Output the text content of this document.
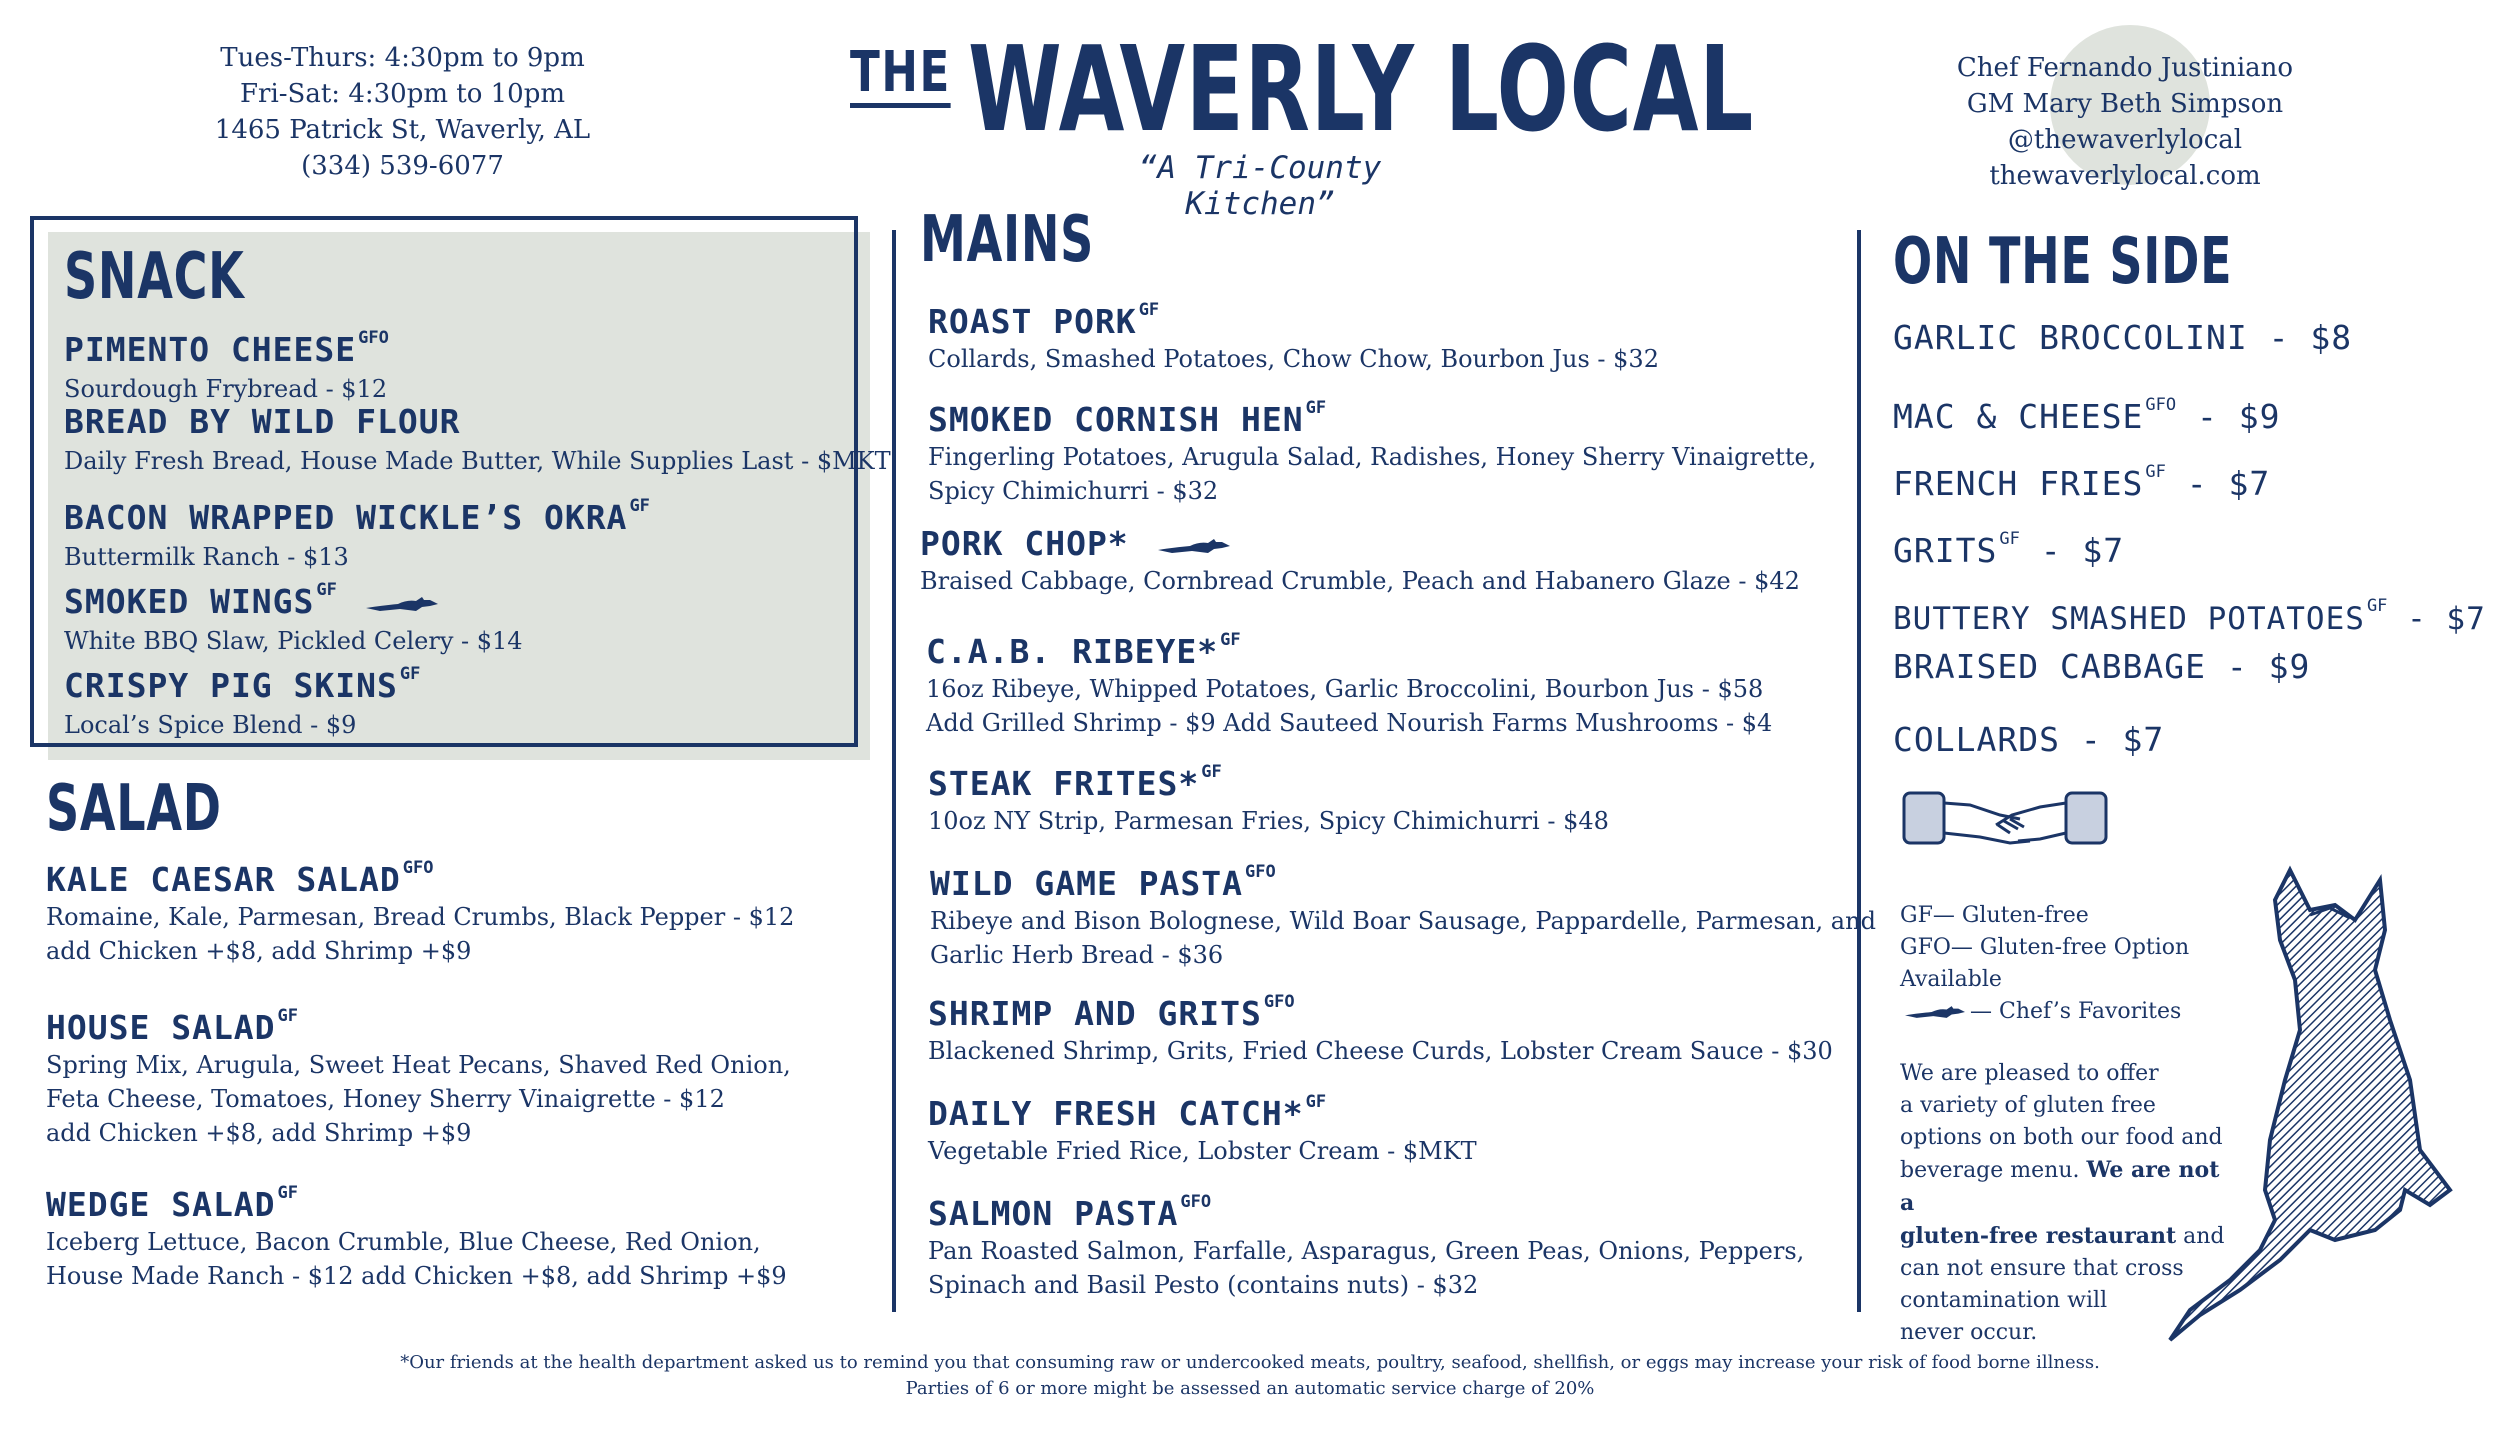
Tues-Thurs: 4:30pm to 9pm
Fri-Sat: 4:30pm to 10pm
1465 Patrick St, Waverly, AL
(334) 539-6077
THE WAVERLY LOCAL
“A Tri-County Kitchen”
Chef Fernando Justiniano
GM Mary Beth Simpson
@thewaverlylocal
thewaverlylocal.com
SNACK
PIMENTO CHEESE $^{GFO}$
Sourdough Frybread - $12
BREAD BY WILD FLOUR
Daily Fresh Bread, House Made Butter, While Supplies Last - $MKT
BACON WRAPPED WICKLE’S OKRA $^{GF}$
Buttermilk Ranch - $13
SMOKED WINGS $^{GF}$
White BBQ Slaw, Pickled Celery - $14
CRISPY PIG SKINS $^{GF}$
Local’s Spice Blend - $9
SALAD
KALE CAESAR SALAD $^{GFO}$
Romaine, Kale, Parmesan, Bread Crumbs, Black Pepper - $12
add Chicken +$8, add Shrimp +$9
HOUSE SALAD $^{GF}$
Spring Mix, Arugula, Sweet Heat Pecans, Shaved Red Onion,
Feta Cheese, Tomatoes, Honey Sherry Vinaigrette - $12
add Chicken +$8, add Shrimp +$9
WEDGE SALAD $^{GF}$
Iceberg Lettuce, Bacon Crumble, Blue Cheese, Red Onion,
House Made Ranch - $12 add Chicken +$8, add Shrimp +$9
MAINS
ROAST PORK $^{GF}$
Collards, Smashed Potatoes, Chow Chow, Bourbon Jus - $32
SMOKED CORNISH HEN $^{GF}$
Fingerling Potatoes, Arugula Salad, Radishes, Honey Sherry Vinaigrette,
Spicy Chimichurri - $32
PORK CHOP*
Braised Cabbage, Cornbread Crumble, Peach and Habanero Glaze - $42
C.A.B. RIBEYE* $^{GF}$
16oz Ribeye, Whipped Potatoes, Garlic Broccolini, Bourbon Jus - $58
Add Grilled Shrimp - $9 Add Sauteed Nourish Farms Mushrooms - $4
STEAK FRITES* $^{GF}$
10oz NY Strip, Parmesan Fries, Spicy Chimichurri - $48
WILD GAME PASTA $^{GFO}$
Ribeye and Bison Bolognese, Wild Boar Sausage, Pappardelle, Parmesan, and
Garlic Herb Bread - $36
SHRIMP AND GRITS $^{GFO}$
Blackened Shrimp, Grits, Fried Cheese Curds, Lobster Cream Sauce - $30
DAILY FRESH CATCH* $^{GF}$
Vegetable Fried Rice, Lobster Cream - $MKT
SALMON PASTA $^{GFO}$
Pan Roasted Salmon, Farfalle, Asparagus, Green Peas, Onions, Peppers,
Spinach and Basil Pesto (contains nuts) - $32
ON THE SIDE
GARLIC BROCCOLINI - $8
MAC & CHEESE $^{GFO}$ - $9
FRENCH FRIES $^{GF}$ - $7
GRITS $^{GF}$ - $7
BUTTERY SMASHED POTATOES $^{GF}$ - $7
BRAISED CABBAGE - $9
COLLARDS - $7

GF— Gluten-free

GFO— Gluten-free Option

Available

— Chef’s Favorites

We are pleased to offer

a variety of gluten free

options on both our food and

beverage menu. We are not a

gluten-free restaurant and

can not ensure that cross

contamination will

never occur.

*Our friends at the health department asked us to remind you that consuming raw or undercooked meats, poultry, seafood, shellfish, or eggs may increase your risk of food borne illness.
Parties of 6 or more might be assessed an automatic service charge of 20%
